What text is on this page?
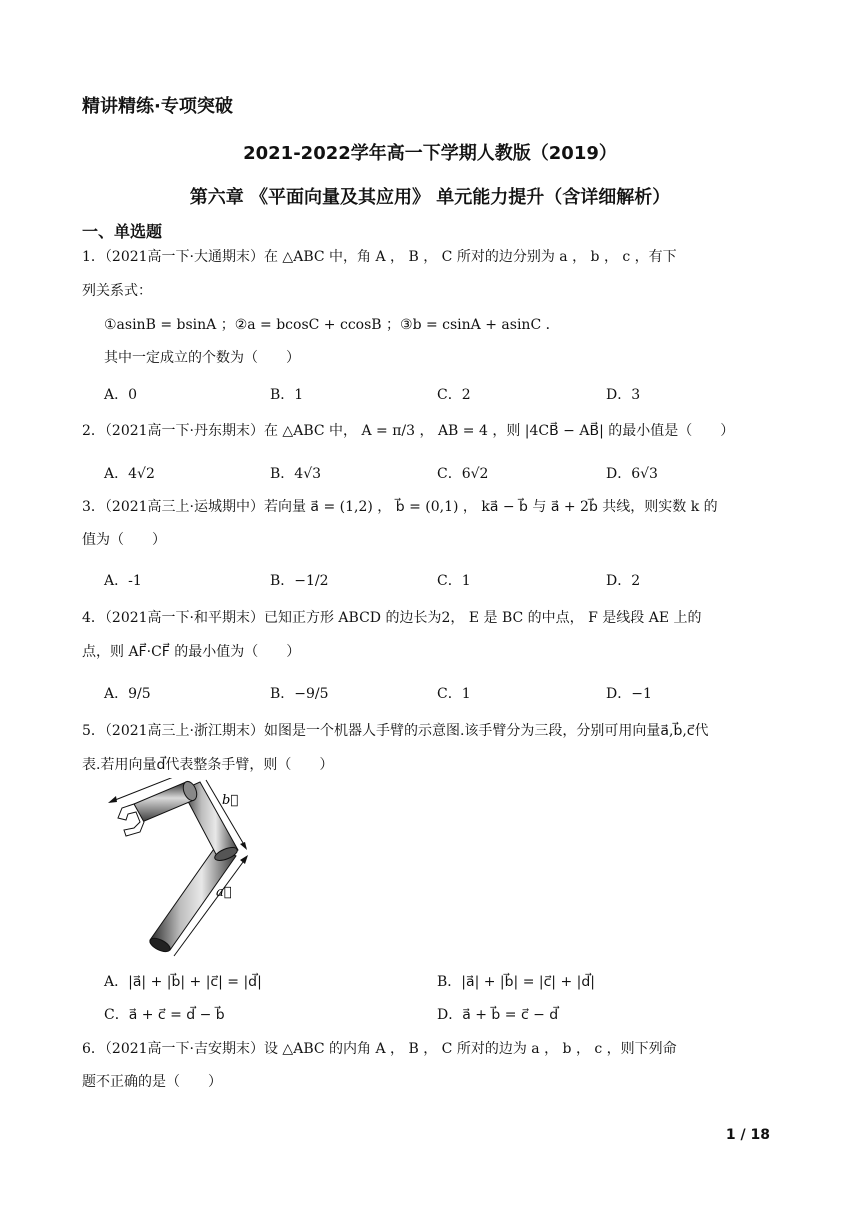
精讲精练·专项突破
2021-2022学年高一下学期人教版（2019）
第六章 《平面向量及其应用》 单元能力提升（含详细解析）
一、单选题
1．（2021高一下·大通期末）在 △ABC 中，角 A ， B ， C 所对的边分别为 a ， b ， c ，有下
列关系式：
①asinB = bsinA ；②a = bcosC + ccosB ；③b = csinA + asinC ．
其中一定成立的个数为（　　）
A．0	B．1	C．2	D．3
2．（2021高一下·丹东期末）在 △ABC 中， A = π/3 ， AB = 4 ，则 |4CB⃗ − AB⃗| 的最小值是（　　）
A．4√2	B．4√3	C．6√2	D．6√3
3．（2021高三上·运城期中）若向量 a⃗ = (1,2) ， b⃗ = (0,1) ， ka⃗ − b⃗ 与 a⃗ + 2b⃗ 共线，则实数 k 的
值为（　　）
A．-1	B．−1/2	C．1	D．2
4．（2021高一下·和平期末）已知正方形 ABCD 的边长为2， E 是 BC 的中点， F 是线段 AE 上的
点，则 AF⃗·CF⃗ 的最小值为（　　）
A．9/5	B．−9/5	C．1	D．−1
5．（2021高三上·浙江期末）如图是一个机器人手臂的示意图.该手臂分为三段，分别可用向量a⃗,b⃗,c⃗代
表.若用向量d⃗代表整条手臂，则（　　）
b⃗
a⃗
A．|a⃗| + |b⃗| + |c⃗| = |d⃗|	B．|a⃗| + |b⃗| = |c⃗| + |d⃗|
C．a⃗ + c⃗ = d⃗ − b⃗	D．a⃗ + b⃗ = c⃗ − d⃗
6．（2021高一下·吉安期末）设 △ABC 的内角 A ， B ， C 所对的边为 a ， b ， c ，则下列命
题不正确的是（　　）
1 / 18
